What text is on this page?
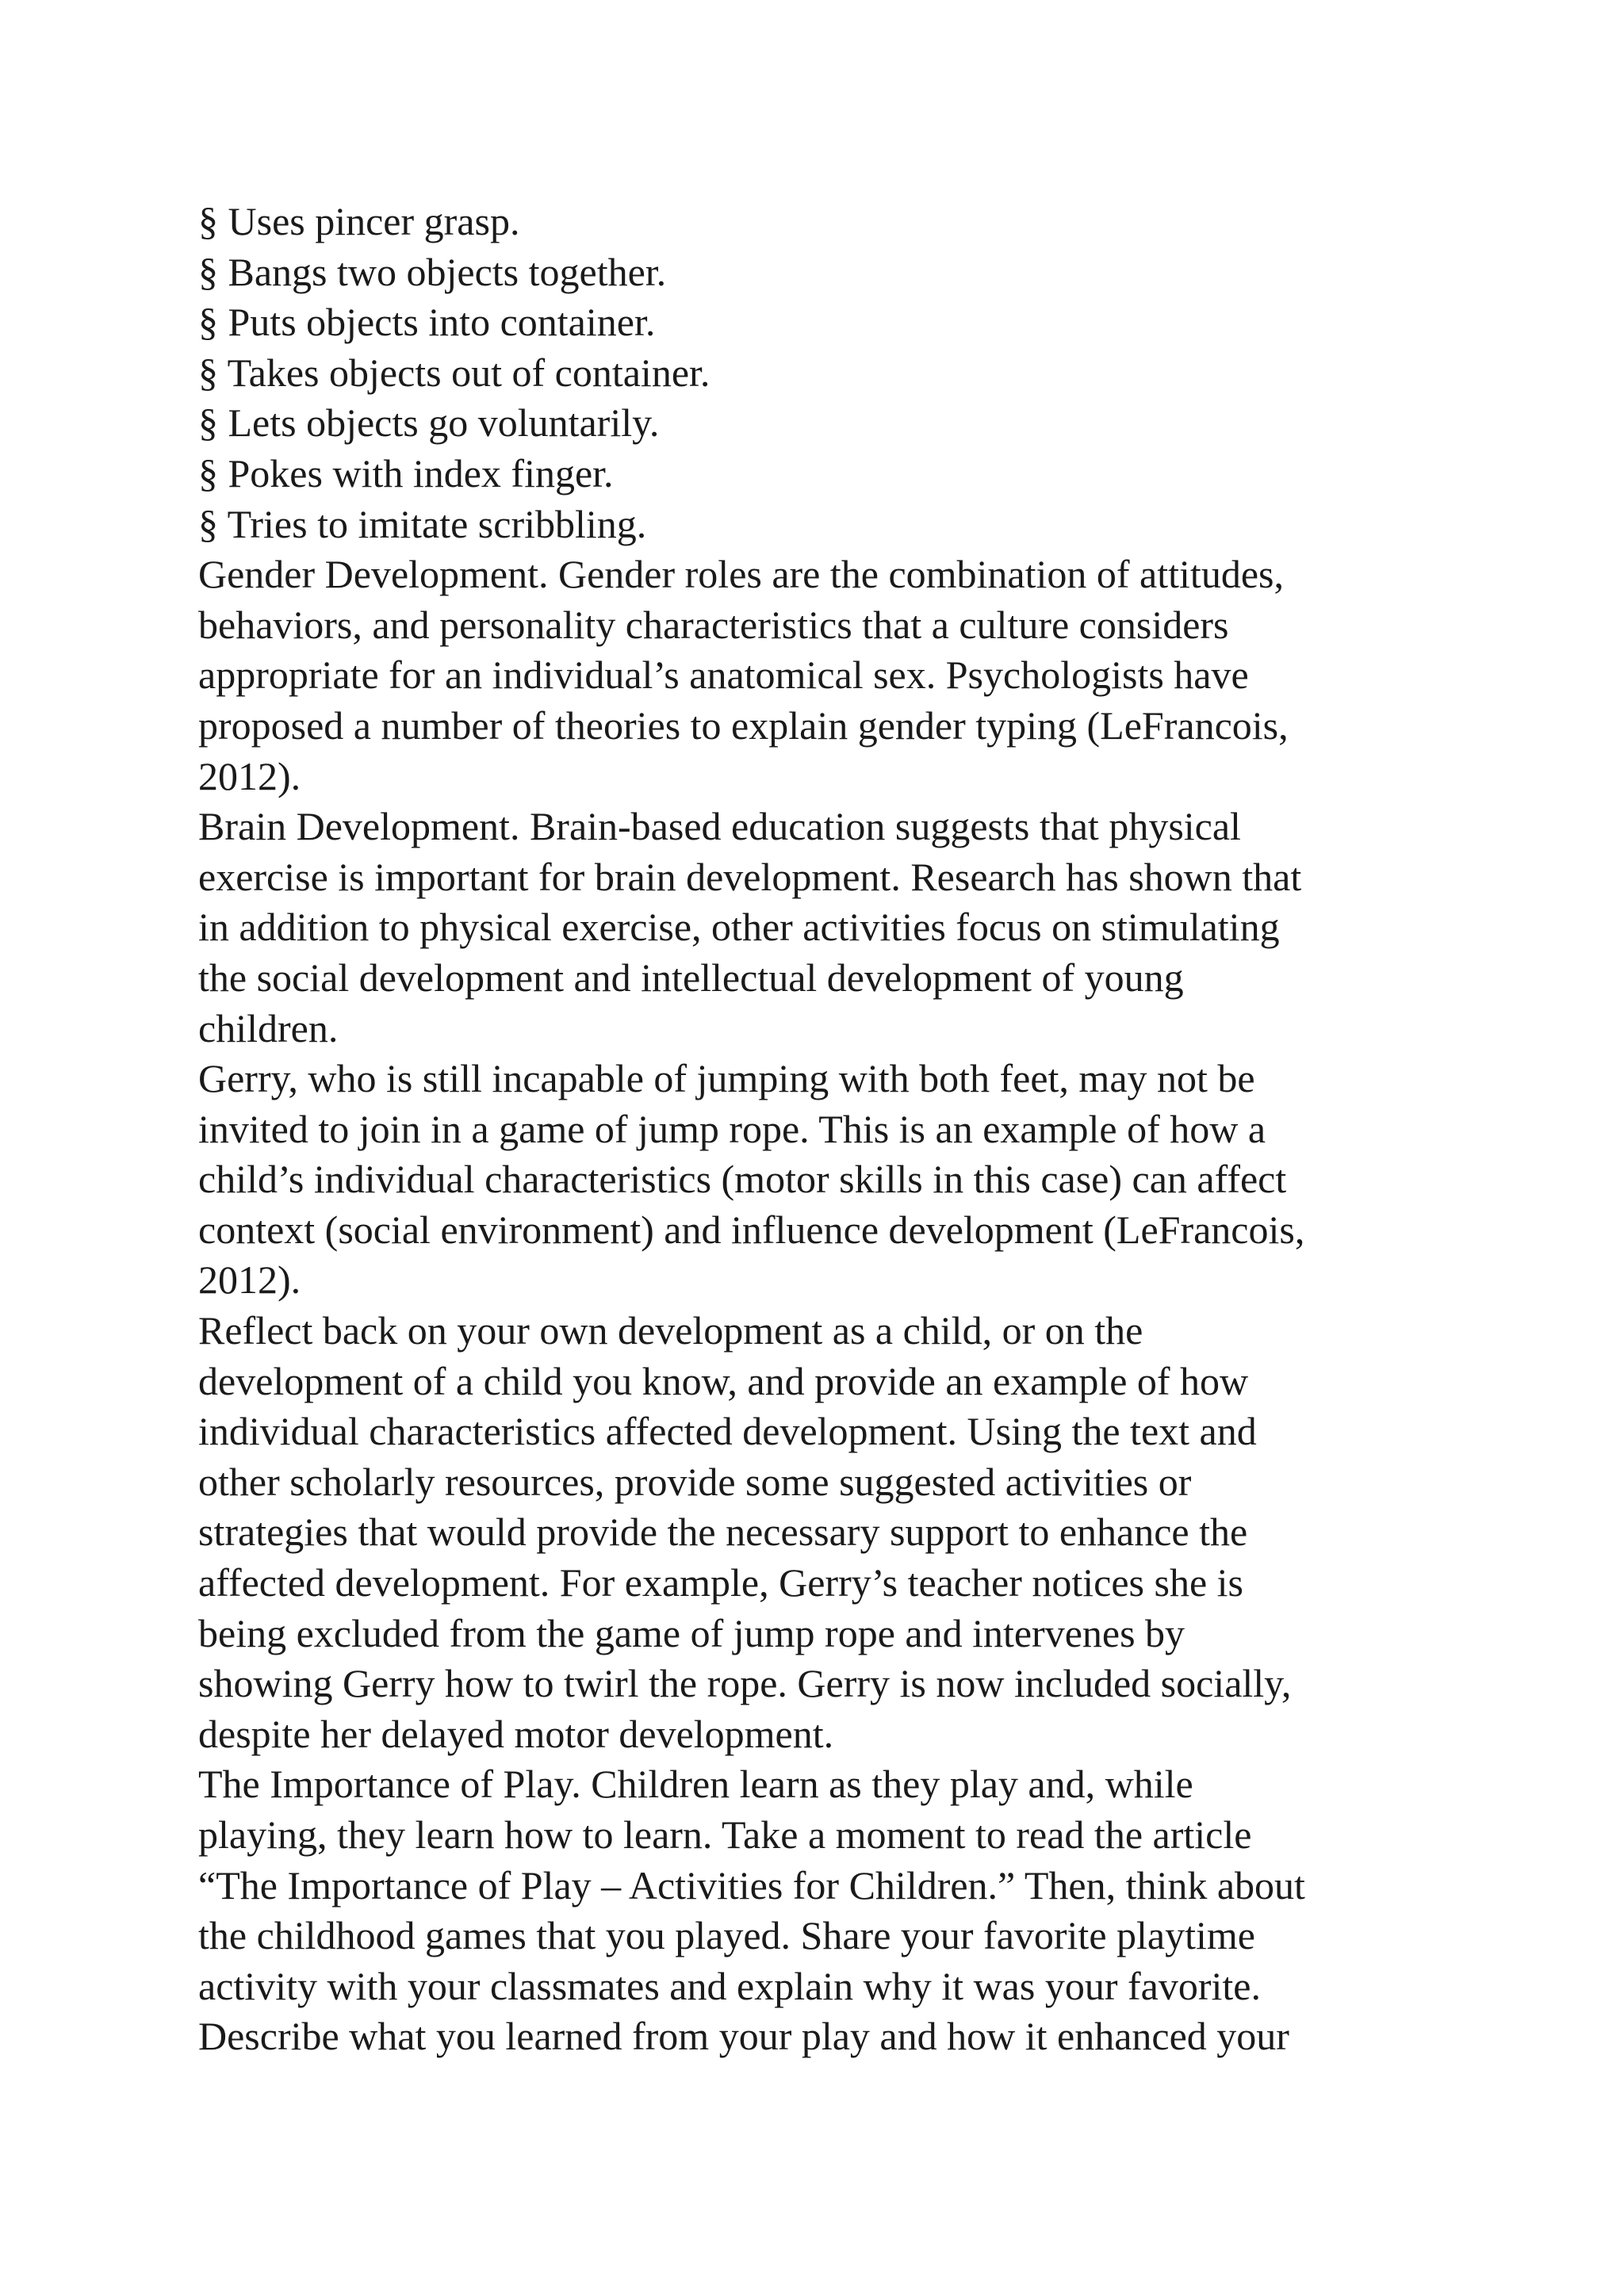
§ Uses pincer grasp.
§ Bangs two objects together.
§ Puts objects into container.
§ Takes objects out of container.
§ Lets objects go voluntarily.
§ Pokes with index finger.
§ Tries to imitate scribbling.
Gender Development. Gender roles are the combination of attitudes,
behaviors, and personality characteristics that a culture considers
appropriate for an individual’s anatomical sex. Psychologists have
proposed a number of theories to explain gender typing (LeFrancois,
2012).
Brain Development. Brain-based education suggests that physical
exercise is important for brain development. Research has shown that
in addition to physical exercise, other activities focus on stimulating
the social development and intellectual development of young
children.
Gerry, who is still incapable of jumping with both feet, may not be
invited to join in a game of jump rope. This is an example of how a
child’s individual characteristics (motor skills in this case) can affect
context (social environment) and influence development (LeFrancois,
2012).
Reflect back on your own development as a child, or on the
development of a child you know, and provide an example of how
individual characteristics affected development. Using the text and
other scholarly resources, provide some suggested activities or
strategies that would provide the necessary support to enhance the
affected development. For example, Gerry’s teacher notices she is
being excluded from the game of jump rope and intervenes by
showing Gerry how to twirl the rope. Gerry is now included socially,
despite her delayed motor development.
The Importance of Play. Children learn as they play and, while
playing, they learn how to learn. Take a moment to read the article
“The Importance of Play – Activities for Children.” Then, think about
the childhood games that you played. Share your favorite playtime
activity with your classmates and explain why it was your favorite.
Describe what you learned from your play and how it enhanced your
